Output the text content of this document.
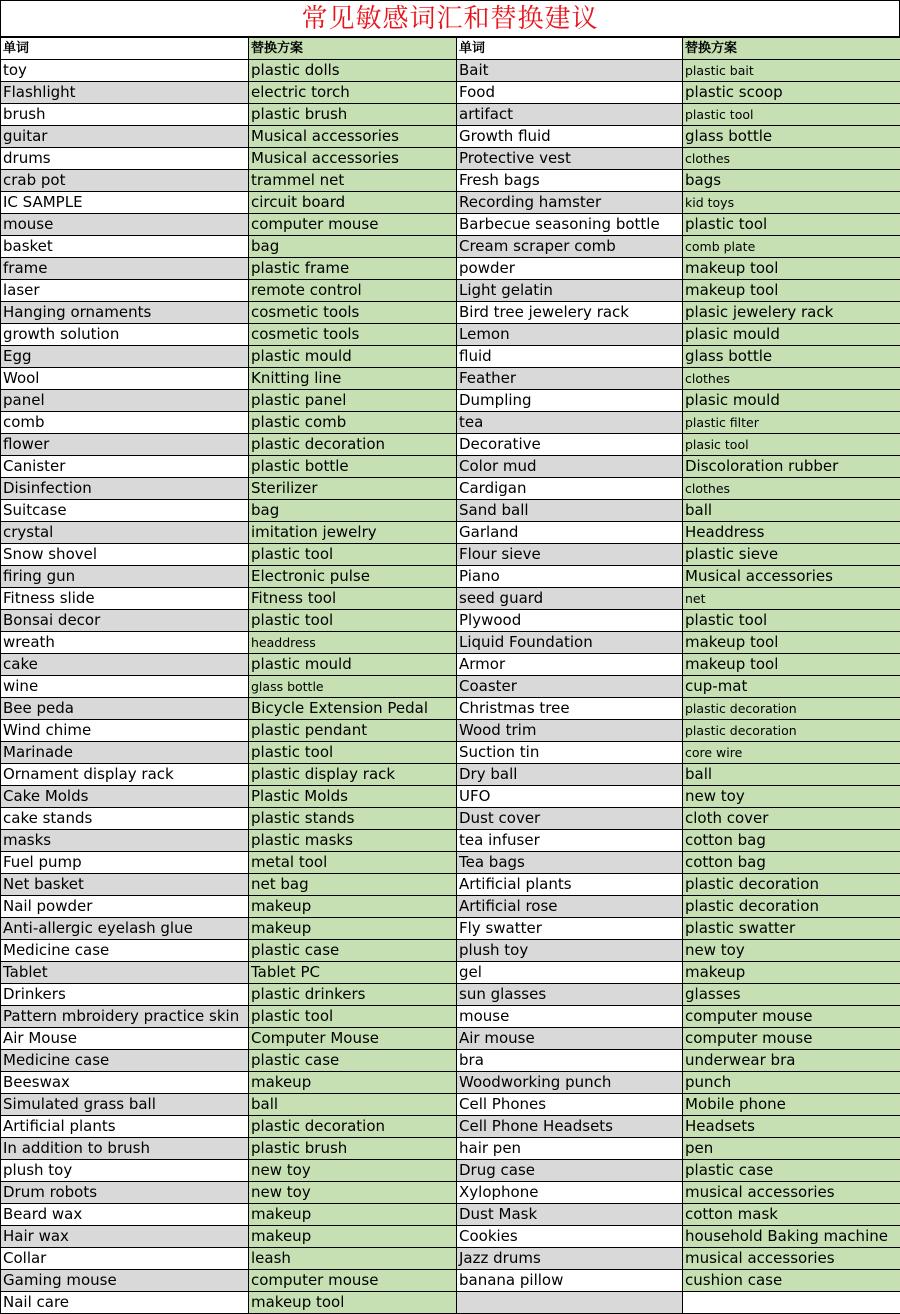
常见敏感词汇和替换建议
单词	替换方案	单词	替换方案
toy	plastic dolls	Bait	plastic bait
Flashlight	electric torch	Food	plastic scoop
brush	plastic brush	artifact	plastic tool
guitar	Musical accessories	Growth fluid	glass bottle
drums	Musical accessories	Protective vest	clothes
crab pot	trammel net	Fresh bags	bags
IC SAMPLE	circuit board	Recording hamster	kid toys
mouse	computer mouse	Barbecue seasoning bottle	plastic tool
basket	bag	Cream scraper comb	comb plate
frame	plastic frame	powder	makeup tool
laser	remote control	Light gelatin	makeup tool
Hanging ornaments	cosmetic tools	Bird tree jewelery rack	plasic jewelery rack
growth solution	cosmetic tools	Lemon	plasic mould
Egg	plastic mould	fluid	glass bottle
Wool	Knitting line	Feather	clothes
panel	plastic panel	Dumpling	plasic mould
comb	plastic comb	tea	plastic filter
flower	plastic decoration	Decorative	plasic tool
Canister	plastic bottle	Color mud	Discoloration rubber
Disinfection	Sterilizer	Cardigan	clothes
Suitcase	bag	Sand ball	ball
crystal	imitation jewelry	Garland	Headdress
Snow shovel	plastic tool	Flour sieve	plastic sieve
firing gun	Electronic pulse	Piano	Musical accessories
Fitness slide	Fitness tool	seed guard	net
Bonsai decor	plastic tool	Plywood	plastic tool
wreath	headdress	Liquid Foundation	makeup tool
cake	plastic mould	Armor	makeup tool
wine	glass bottle	Coaster	cup-mat
Bee peda	Bicycle Extension Pedal	Christmas tree	plastic decoration
Wind chime	plastic pendant	Wood trim	plastic decoration
Marinade	plastic tool	Suction tin	core wire
Ornament display rack	plastic display rack	Dry ball	ball
Cake Molds	Plastic Molds	UFO	new toy
cake stands	plastic stands	Dust cover	cloth cover
masks	plastic masks	tea infuser	cotton bag
Fuel pump	metal tool	Tea bags	cotton bag
Net basket	net bag	Artificial plants	plastic decoration
Nail powder	makeup	Artificial rose	plastic decoration
Anti-allergic eyelash glue	makeup	Fly swatter	plastic swatter
Medicine case	plastic case	plush toy	new toy
Tablet	Tablet PC	gel	makeup
Drinkers	plastic drinkers	sun glasses	glasses
Pattern mbroidery practice skin	plastic tool	mouse	computer mouse
Air Mouse	Computer Mouse	Air mouse	computer mouse
Medicine case	plastic case	bra	underwear bra
Beeswax	makeup	Woodworking punch	punch
Simulated grass ball	ball	Cell Phones	Mobile phone
Artificial plants	plastic decoration	Cell Phone Headsets	Headsets
In addition to brush	plastic brush	hair pen	pen
plush toy	new toy	Drug case	plastic case
Drum robots	new toy	Xylophone	musical accessories
Beard wax	makeup	Dust Mask	cotton mask
Hair wax	makeup	Cookies	household Baking machine
Collar	leash	Jazz drums	musical accessories
Gaming mouse	computer mouse	banana pillow	cushion case
Nail care	makeup tool		
